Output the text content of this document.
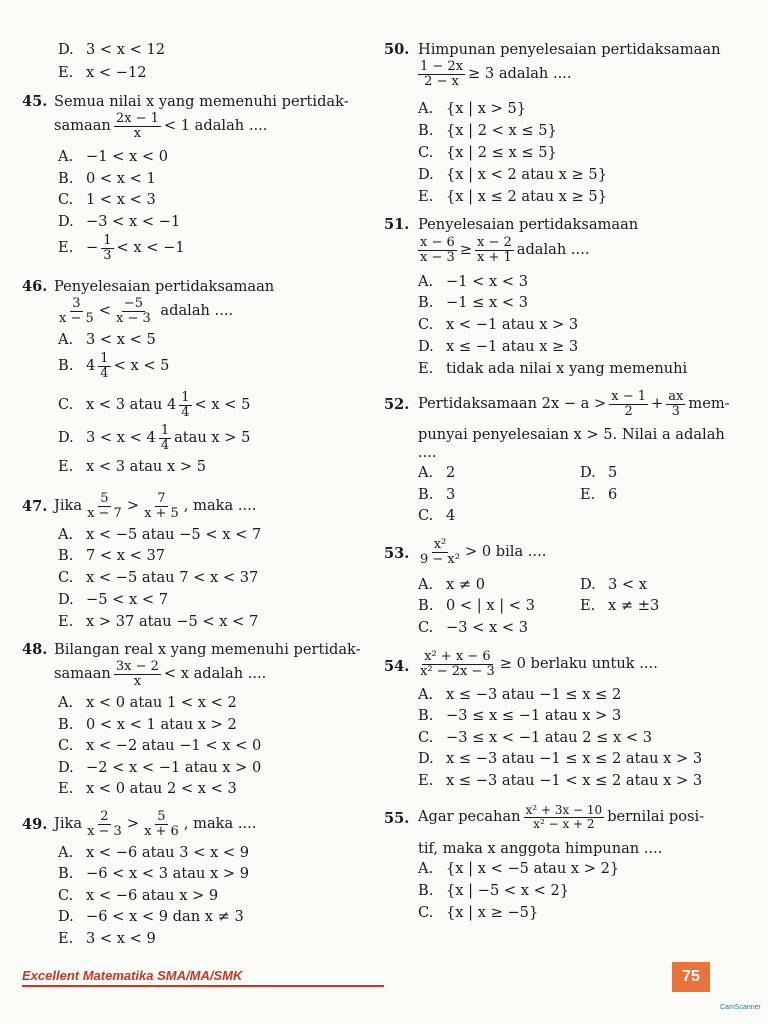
D. 3 < x < 12
E. x < −12
45. Semua nilai x yang memenuhi pertidak-
samaan $\frac{2x - 1}{x} < 1$ adalah ....
A. −1 < x < 0
B. 0 < x < 1
C. 1 < x < 3
D. −3 < x < −1
E. − $\frac{1}{3} < x < -1$
46. Penyelesaian pertidaksamaan
$\frac{3}{x - 5} < \frac{-5}{x - 3}$ adalah ....
A. 3 < x < 5
B. $4 \frac{1}{4} < x < 5$
C. x < 3 atau $4 \frac{1}{4} < x < 5$
D. $3 < x < 4 \frac{1}{4}$ atau x > 5
E. x < 3 atau x > 5
47. Jika $\frac{5}{x - 7} > \frac{7}{x + 5}$ , maka ....
A. x < −5 atau −5 < x < 7
B. 7 < x < 37
C. x < −5 atau 7 < x < 37
D. −5 < x < 7
E. x > 37 atau −5 < x < 7
48. Bilangan real x yang memenuhi pertidak-
samaan $\frac{3x - 2}{x} < x$ adalah ....
A. x < 0 atau 1 < x < 2
B. 0 < x < 1 atau x > 2
C. x < −2 atau −1 < x < 0
D. −2 < x < −1 atau x > 0
E. x < 0 atau 2 < x < 3
49. Jika $\frac{2}{x - 3} > \frac{5}{x + 6}$ , maka ....
A. x < −6 atau 3 < x < 9
B. −6 < x < 3 atau x > 9
C. x < −6 atau x > 9
D. −6 < x < 9 dan x ≠ 3
E. 3 < x < 9
50. Himpunan penyelesaian pertidaksamaan
$\frac{1 - 2x}{2 - x} \ge 3$ adalah ....
A. {x | x > 5}
B. {x | 2 < x ≤ 5}
C. {x | 2 ≤ x ≤ 5}
D. {x | x < 2 atau x ≥ 5}
E. {x | x ≤ 2 atau x ≥ 5}
51. Penyelesaian pertidaksamaan
$\frac{x - 6}{x - 3} \ge \frac{x - 2}{x + 1}$ adalah ....
A. −1 < x < 3
B. −1 ≤ x < 3
C. x < −1 atau x > 3
D. x ≤ −1 atau x ≥ 3
E. tidak ada nilai x yang memenuhi
52. Pertidaksamaan $2x - a > \frac{x - 1}{2} + \frac{ax}{3} mem-$
punyai penyelesaian x > 5. Nilai a adalah
....
A. 2
B. 3
C. 4
D. 5
E. 6
53. $\frac{\text{x²}}{\text{9 − x²}} > 0$ bila ....
A. x ≠ 0
B. 0 < | x | < 3
C. −3 < x < 3
D. 3 < x
E. x ≠ ±3
54. $\frac{\text{x² + x − 6}}{\text{x² − 2x − 3}} \ge 0$ berlaku untuk ....
A. x ≤ −3 atau −1 ≤ x ≤ 2
B. −3 ≤ x ≤ −1 atau x > 3
C. −3 ≤ x < −1 atau 2 ≤ x < 3
D. x ≤ −3 atau −1 ≤ x ≤ 2 atau x > 3
E. x ≤ −3 atau −1 < x ≤ 2 atau x > 3
55. Agar pecahan $\frac{\text{x² + 3x − 10}}{\text{x² − x + 2}}$ bernilai posi-
tif, maka x anggota himpunan ....
A. {x | x < −5 atau x > 2}
B. {x | −5 < x < 2}
C. {x | x ≥ −5}
Excellent Matematika SMA/MA/SMK	75
CamScanner
